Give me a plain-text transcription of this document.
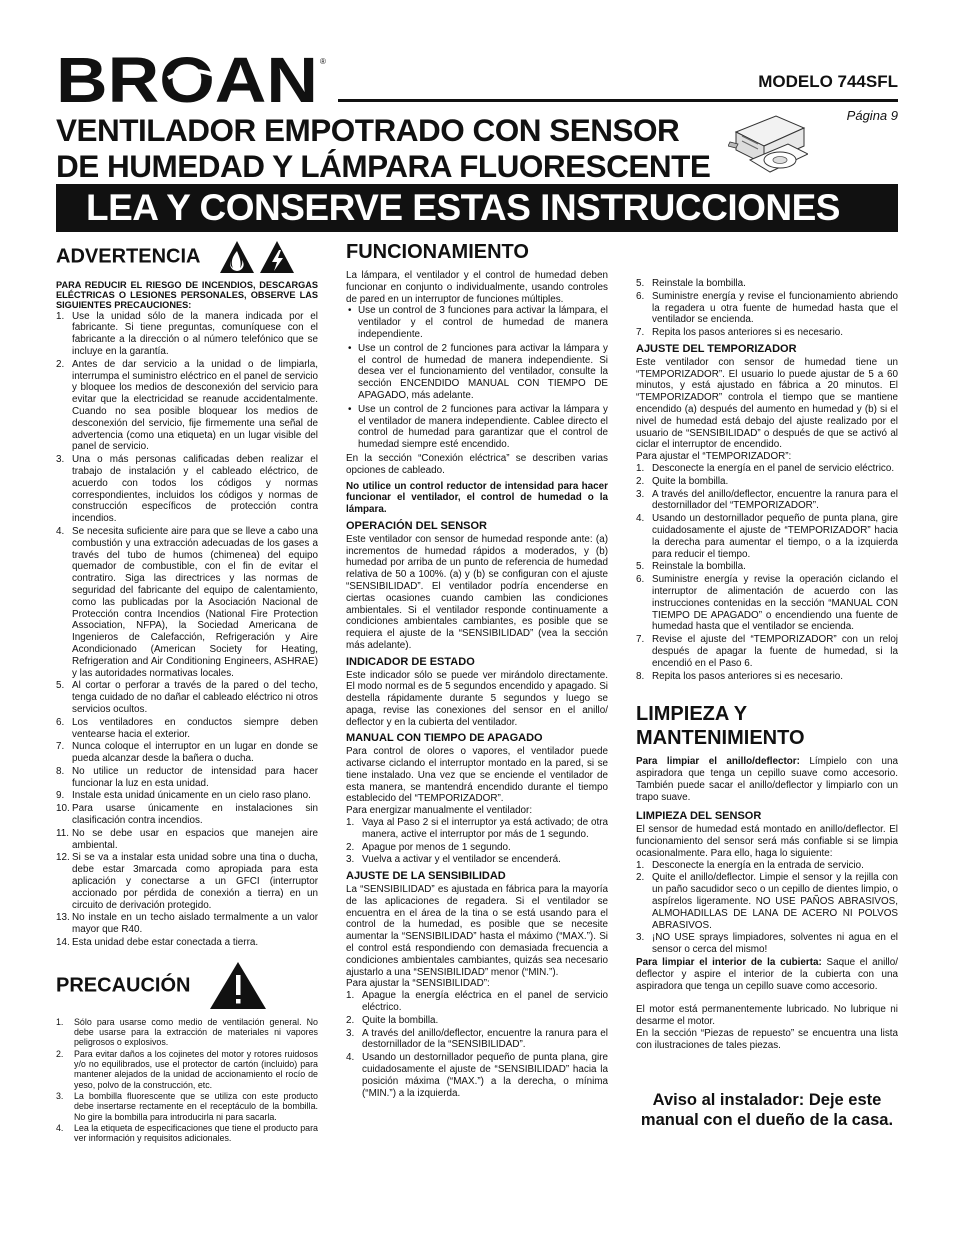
BROAN ®
MODELO 744SFL
Página 9
VENTILADOR EMPOTRADO CON SENSOR
DE HUMEDAD Y LÁMPARA FLUORESCENTE
LEA Y CONSERVE ESTAS INSTRUCCIONES
ADVERTENCIA

PARA REDUCIR EL RIESGO DE INCENDIOS, DESCARGAS ELÉCTRICAS O LESIONES PERSONALES, OBSERVE LAS SIGUIENTES PRECAUCIONES:

1. Use la unidad sólo de la manera indicada por el fabricante. Si tiene preguntas, comuníquese con el fabricante a la dirección o al número telefónico que se incluye en la garantía.
2. Antes de dar servicio a la unidad o de limpiarla, interrumpa el suministro eléctrico en el panel de servicio y bloquee los medios de desconexión del servicio para evitar que la electricidad se reanude accidentalmente. Cuando no sea posible bloquear los medios de desconexión del servicio, fije firmemente una señal de advertencia (como una etiqueta) en un lugar visible del panel de servicio.
3. Una o más personas calificadas deben realizar el trabajo de instalación y el cableado eléctrico, de acuerdo con todos los códigos y normas correspondientes, incluidos los códigos y normas de construcción específicos de protección contra incendios.
4. Se necesita suficiente aire para que se lleve a cabo una combustión y una extracción adecuadas de los gases a través del tubo de humos (chimenea) del equipo quemador de combustible, con el fin de evitar el contratiro. Siga las directrices y las normas de seguridad del fabricante del equipo de calentamiento, como las publicadas por la Asociación Nacional de Protección contra Incendios (National Fire Protection Association, NFPA), la Sociedad Americana de Ingenieros de Calefacción, Refrigeración y Aire Acondicionado (American Society for Heating, Refrigeration and Air Conditioning Engineers, ASHRAE) y las autoridades normativas locales.
5. Al cortar o perforar a través de la pared o del techo, tenga cuidado de no dañar el cableado eléctrico ni otros servicios ocultos.
6. Los ventiladores en conductos siempre deben ventearse hacia el exterior.
7. Nunca coloque el interruptor en un lugar en donde se pueda alcanzar desde la bañera o ducha.
8. No utilice un reductor de intensidad para hacer funcionar la luz en esta unidad.
9. Instale esta unidad únicamente en un cielo raso plano.
10. Para usarse únicamente en instalaciones sin clasificación contra incendios.
11. No se debe usar en espacios que manejen aire ambiental.
12. Si se va a instalar esta unidad sobre una tina o ducha, debe estar 3marcada como apropiada para esta aplicación y conectarse a un GFCI (interruptor accionado por pérdida de conexión a tierra) en un circuito de derivación protegido.
13. No instale en un techo aislado termalmente a un valor mayor que R40.
14. Esta unidad debe estar conectada a tierra.
PRECAUCIÓN
1. Sólo para usarse como medio de ventilación general. No debe usarse para la extracción de materiales ni vapores peligrosos o explosivos.
2. Para evitar daños a los cojinetes del motor y rotores ruidosos y/o no equilibrados, use el protector de cartón (incluido) para mantener alejados de la unidad de accionamiento el rocío de yeso, polvo de la construcción, etc.
3. La bombilla fluorescente que se utiliza con este producto debe insertarse rectamente en el receptáculo de la bombilla. No gire la bombilla para introducirla ni para sacarla.
4. Lea la etiqueta de especificaciones que tiene el producto para ver información y requisitos adicionales.
FUNCIONAMIENTO

La lámpara, el ventilador y el control de humedad deben funcionar en conjunto o individualmente, usando controles de pared en un interruptor de funciones múltiples.

• Use un control de 3 funciones para activar la lámpara, el ventilador y el control de humedad de manera independiente.
• Use un control de 2 funciones para activar la lámpara y el control de humedad de manera independiente. Si desea ver el funcionamiento del ventilador, consulte la sección ENCENDIDO MANUAL CON TIEMPO DE APAGADO, más adelante.
• Use un control de 2 funciones para activar la lámpara y el ventilador de manera independiente. Cablee directo el control de humedad para garantizar que el control de humedad siempre esté encendido.

En la sección “Conexión eléctrica” se describen varias opciones de cableado.

No utilice un control reductor de intensidad para hacer funcionar el ventilador, el control de humedad o la lámpara.

OPERACIÓN DEL SENSOR

Este ventilador con sensor de humedad responde ante: (a) incrementos de humedad rápidos a moderados, y (b) humedad por arriba de un punto de referencia de humedad relativa de 50 a 100%. (a) y (b) se configuran con el ajuste “SENSIBILIDAD”. El ventilador podría encenderse en ciertas ocasiones cuando cambien las condiciones ambientales. Si el ventilador responde continuamente a condiciones ambientales cambiantes, es posible que se requiera el ajuste de la “SENSIBILIDAD” (vea la sección más adelante).

INDICADOR DE ESTADO

Este indicador sólo se puede ver mirándolo directamente. El modo normal es de 5 segundos encendido y apagado. Si destella rápidamente durante 5 segundos y luego se apaga, revise las conexiones del sensor en el anillo/ deflector y en la cubierta del ventilador.

MANUAL CON TIEMPO DE APAGADO

Para control de olores o vapores, el ventilador puede activarse ciclando el interruptor montado en la pared, si se tiene instalado. Una vez que se enciende el ventilador de esta manera, se mantendrá encendido durante el tiempo establecido del “TEMPORIZADOR”.

Para energizar manualmente el ventilador:

1. Vaya al Paso 2 si el interruptor ya está activado; de otra manera, active el interruptor por más de 1 segundo.
2. Apague por menos de 1 segundo.
3. Vuelva a activar y el ventilador se encenderá.
AJUSTE DE LA SENSIBILIDAD

La “SENSIBILIDAD” es ajustada en fábrica para la mayoría de las aplicaciones de regadera. Si el ventilador se encuentra en el área de la tina o se está usando para el control de la humedad, es posible que se necesite aumentar la “SENSIBILIDAD” hasta el máximo (“MAX.”). Si el control está respondiendo con demasiada frecuencia a condiciones ambientales cambiantes, quizás sea necesario ajustarlo a una “SENSIBILIDAD” menor (“MIN.”).

Para ajustar la “SENSIBILIDAD”:

1. Apague la energía eléctrica en el panel de servicio eléctrico.
2. Quite la bombilla.
3. A través del anillo/deflector, encuentre la ranura para el destornillador de la “SENSIBILIDAD”.
4. Usando un destornillador pequeño de punta plana, gire cuidadosamente el ajuste de “SENSIBILIDAD” hacia la posición máxima (“MAX.”) a la derecha, o mínima (“MIN.”) a la izquierda.
5. Reinstale la bombilla.
6. Suministre energía y revise el funcionamiento abriendo la regadera u otra fuente de humedad hasta que el ventilador se encienda.
7. Repita los pasos anteriores si es necesario.
AJUSTE DEL TEMPORIZADOR

Este ventilador con sensor de humedad tiene un “TEMPORIZADOR”. El usuario lo puede ajustar de 5 a 60 minutos, y está ajustado en fábrica a 20 minutos. El “TEMPORIZADOR” controla el tiempo que se mantiene encendido (a) después del aumento en humedad y (b) si el nivel de humedad está debajo del ajuste realizado por el usuario de “SENSIBILIDAD” o después de que se activó al ciclar el interruptor de encendido.

Para ajustar el “TEMPORIZADOR”:

1. Desconecte la energía en el panel de servicio eléctrico.
2. Quite la bombilla.
3. A través del anillo/deflector, encuentre la ranura para el destornillador del “TEMPORIZADOR”.
4. Usando un destornillador pequeño de punta plana, gire cuidadosamente el ajuste de “TEMPORIZADOR” hacia la derecha para aumentar el tiempo, o a la izquierda para reducir el tiempo.
5. Reinstale la bombilla.
6. Suministre energía y revise la operación ciclando el interruptor de alimentación de acuerdo con las instrucciones contenidas en la sección “MANUAL CON TIEMPO DE APAGADO” o encendiendo una fuente de humedad hasta que el ventilador se encienda.
7. Revise el ajuste del “TEMPORIZADOR” con un reloj después de apagar la fuente de humedad, si la encendió en el Paso 6.
8. Repita los pasos anteriores si es necesario.
LIMPIEZA Y MANTENIMIENTO

Para limpiar el anillo/deflector: Límpielo con una aspiradora que tenga un cepillo suave como accesorio. También puede sacar el anillo/deflector y limpiarlo con un trapo suave.

LIMPIEZA DEL SENSOR

El sensor de humedad está montado en anillo/deflector. El funcionamiento del sensor será más confiable si se limpia ocasionalmente. Para ello, haga lo siguiente:

1. Desconecte la energía en la entrada de servicio.
2. Quite el anillo/deflector. Limpie el sensor y la rejilla con un paño sacudidor seco o un cepillo de dientes limpio, o aspírelos ligeramente. NO USE PAÑOS ABRASIVOS, ALMOHADILLAS DE LANA DE ACERO NI POLVOS ABRASIVOS.
3. ¡NO USE sprays limpiadores, solventes ni agua en el sensor o cerca del mismo!

Para limpiar el interior de la cubierta: Saque el anillo/ deflector y aspire el interior de la cubierta con una aspiradora que tenga un cepillo suave como accesorio.

El motor está permanentemente lubricado. No lubrique ni desarme el motor.

En la sección “Piezas de repuesto” se encuentra una lista con ilustraciones de tales piezas.

Aviso al instalador: Deje este
manual con el dueño de la casa.
